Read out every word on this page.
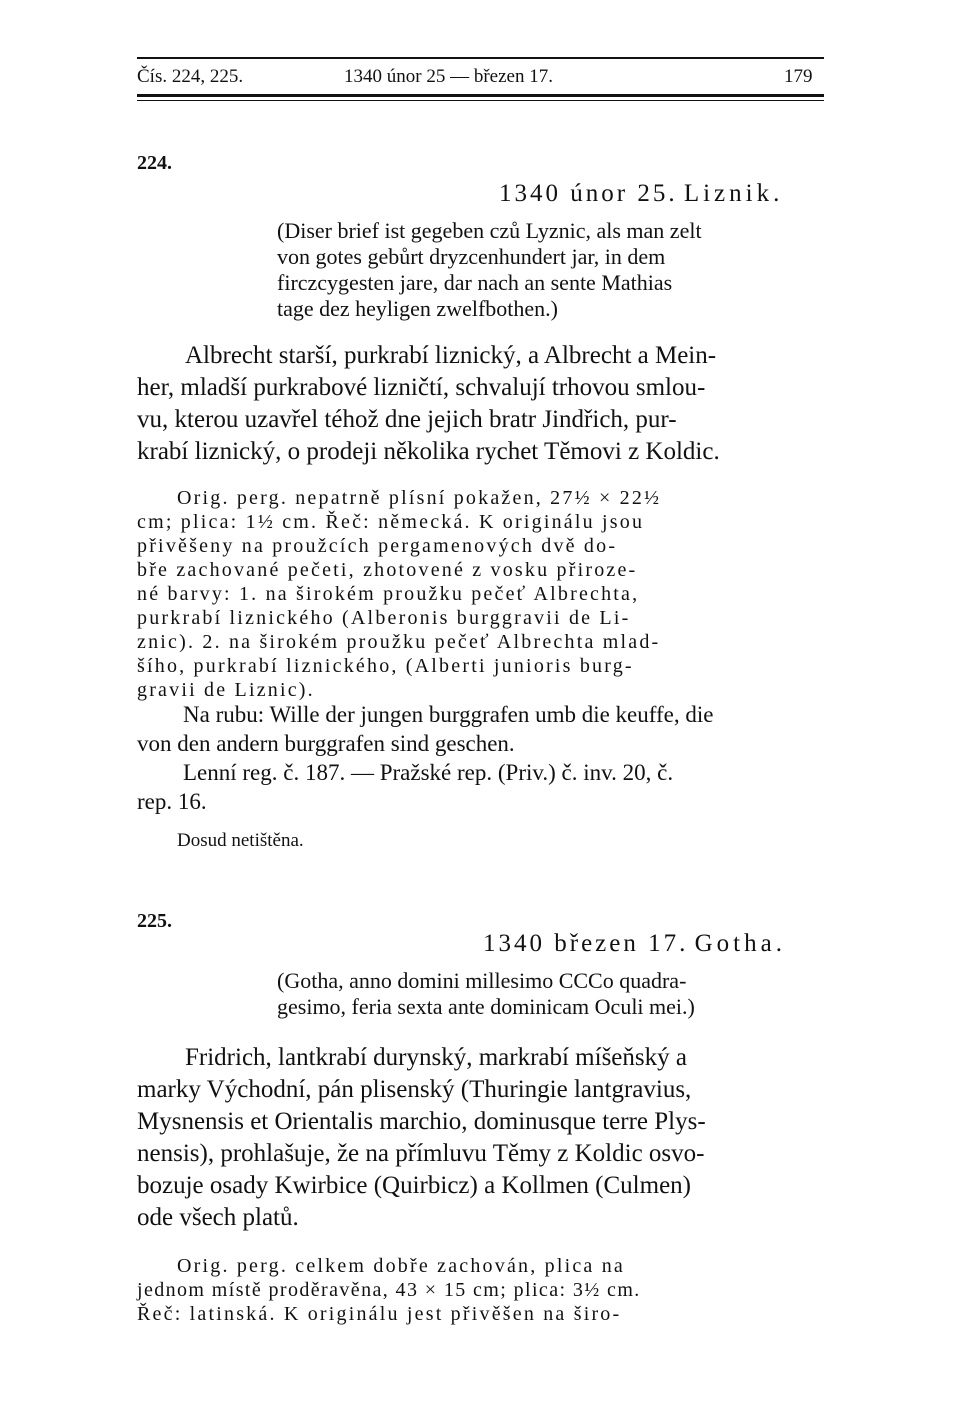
Čís. 224, 225.	1340 únor 25 — březen 17.	179
224.
1340 únor 25. Liznik.
(Diser brief ist gegeben czů Lyznic, als man zelt
von gotes gebůrt dryzcenhundert jar, in dem
firczcygesten jare, dar nach an sente Mathias
tage dez heyligen zwelfbothen.)
Albrecht starší, purkrabí liznický, a Albrecht a Mein-
her, mladší purkrabové lizničtí, schvalují trhovou smlou-
vu, kterou uzavřel téhož dne jejich bratr Jindřich, pur-
krabí liznický, o prodeji několika rychet Těmovi z Koldic.
Orig. perg. nepatrně plísní pokažen, 27½ × 22½
cm; plica: 1½ cm. Řeč: německá. K originálu jsou
přivěšeny na proužcích pergamenových dvě do-
bře zachované pečeti, zhotovené z vosku přiroze-
né barvy: 1. na širokém proužku pečeť Albrechta,
purkrabí liznického (Alberonis burggravii de Li-
znic). 2. na širokém proužku pečeť Albrechta mlad-
šího, purkrabí liznického, (Alberti junioris burg-
gravii de Liznic).
Na rubu: Wille der jungen burggrafen umb die keuffe, die
von den andern burggrafen sind geschen.
Lenní reg. č. 187. — Pražské rep. (Priv.) č. inv. 20, č.
rep. 16.
Dosud netištěna.
225.
1340 březen 17. Gotha.
(Gotha, anno domini millesimo CCCo quadra-
gesimo, feria sexta ante dominicam Oculi mei.)
Fridrich, lantkrabí durynský, markrabí míšeňský a
marky Východní, pán plisenský (Thuringie lantgravius,
Mysnensis et Orientalis marchio, dominusque terre Plys-
nensis), prohlašuje, že na přímluvu Těmy z Koldic osvo-
bozuje osady Kwirbice (Quirbicz) a Kollmen (Culmen)
ode všech platů.
Orig. perg. celkem dobře zachován, plica na
jednom místě proděravěna, 43 × 15 cm; plica: 3½ cm.
Řeč: latinská. K originálu jest přivěšen na širo-
